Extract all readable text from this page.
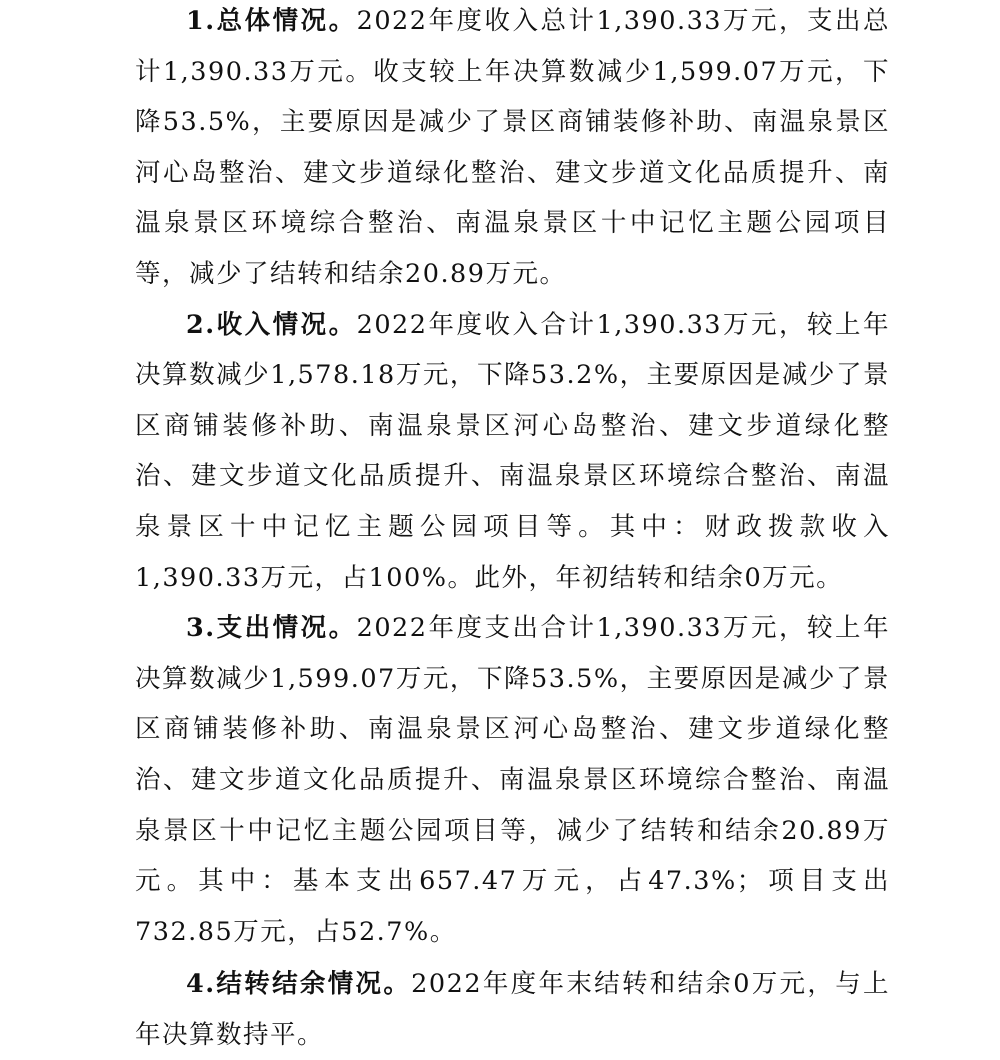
1.总体情况。2022年度收入总计1,390.33万元，支出总计1,390.33万元。收支较上年决算数减少1,599.07万元，下降53.5%，主要原因是减少了景区商铺装修补助、南温泉景区河心岛整治、建文步道绿化整治、建文步道文化品质提升、南温泉景区环境综合整治、南温泉景区十中记忆主题公园项目等，减少了结转和结余20.89万元。

2.收入情况。2022年度收入合计1,390.33万元，较上年决算数减少1,578.18万元，下降53.2%，主要原因是减少了景区商铺装修补助、南温泉景区河心岛整治、建文步道绿化整治、建文步道文化品质提升、南温泉景区环境综合整治、南温泉景区十中记忆主题公园项目等。其中：财政拨款收入1,390.33万元，占100%。此外，年初结转和结余0万元。

3.支出情况。2022年度支出合计1,390.33万元，较上年决算数减少1,599.07万元，下降53.5%，主要原因是减少了景区商铺装修补助、南温泉景区河心岛整治、建文步道绿化整治、建文步道文化品质提升、南温泉景区环境综合整治、南温泉景区十中记忆主题公园项目等，减少了结转和结余20.89万元。其中：基本支出657.47万元，占47.3%；项目支出732.85万元，占52.7%。

4.结转结余情况。2022年度年末结转和结余0万元，与上年决算数持平。
